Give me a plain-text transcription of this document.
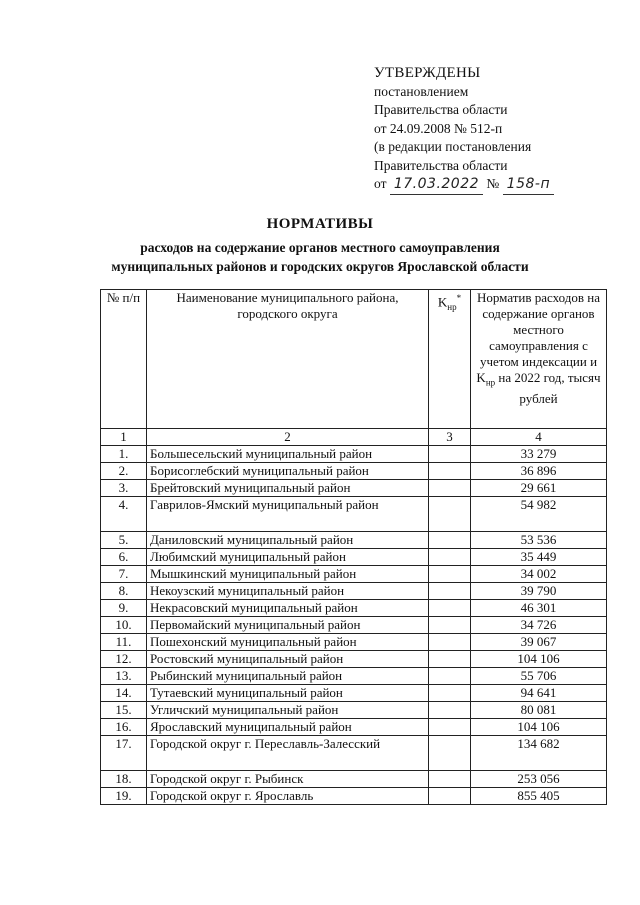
УТВЕРЖДЕНЫ
постановлением
Правительства области
от 24.09.2008 № 512-п
(в редакции постановления
Правительства области
от 17.03.2022 № 158-п
НОРМАТИВЫ
расходов на содержание органов местного самоуправления
муниципальных районов и городских округов Ярославской области
№ п/п	Наименование муниципального района, городского округа	$K_{нр}^*$	Норматив расходов на содержание органов местного самоуправления с учетом индексации и $K_{нр}$ на 2022 год, тысяч рублей
1	2	3	4
1.	Большесельский муниципальный район		33 279
2.	Борисоглебский муниципальный район		36 896
3.	Брейтовский муниципальный район		29 661
4.	Гаврилов-Ямский муниципальный район		54 982
5.	Даниловский муниципальный район		53 536
6.	Любимский муниципальный район		35 449
7.	Мышкинский муниципальный район		34 002
8.	Некоузский муниципальный район		39 790
9.	Некрасовский муниципальный район		46 301
10.	Первомайский муниципальный район		34 726
11.	Пошехонский муниципальный район		39 067
12.	Ростовский муниципальный район		104 106
13.	Рыбинский муниципальный район		55 706
14.	Тутаевский муниципальный район		94 641
15.	Угличский муниципальный район		80 081
16.	Ярославский муниципальный район		104 106
17.	Городской округ г. Переславль-Залесский		134 682
18.	Городской округ г. Рыбинск		253 056
19.	Городской округ г. Ярославль		855 405
